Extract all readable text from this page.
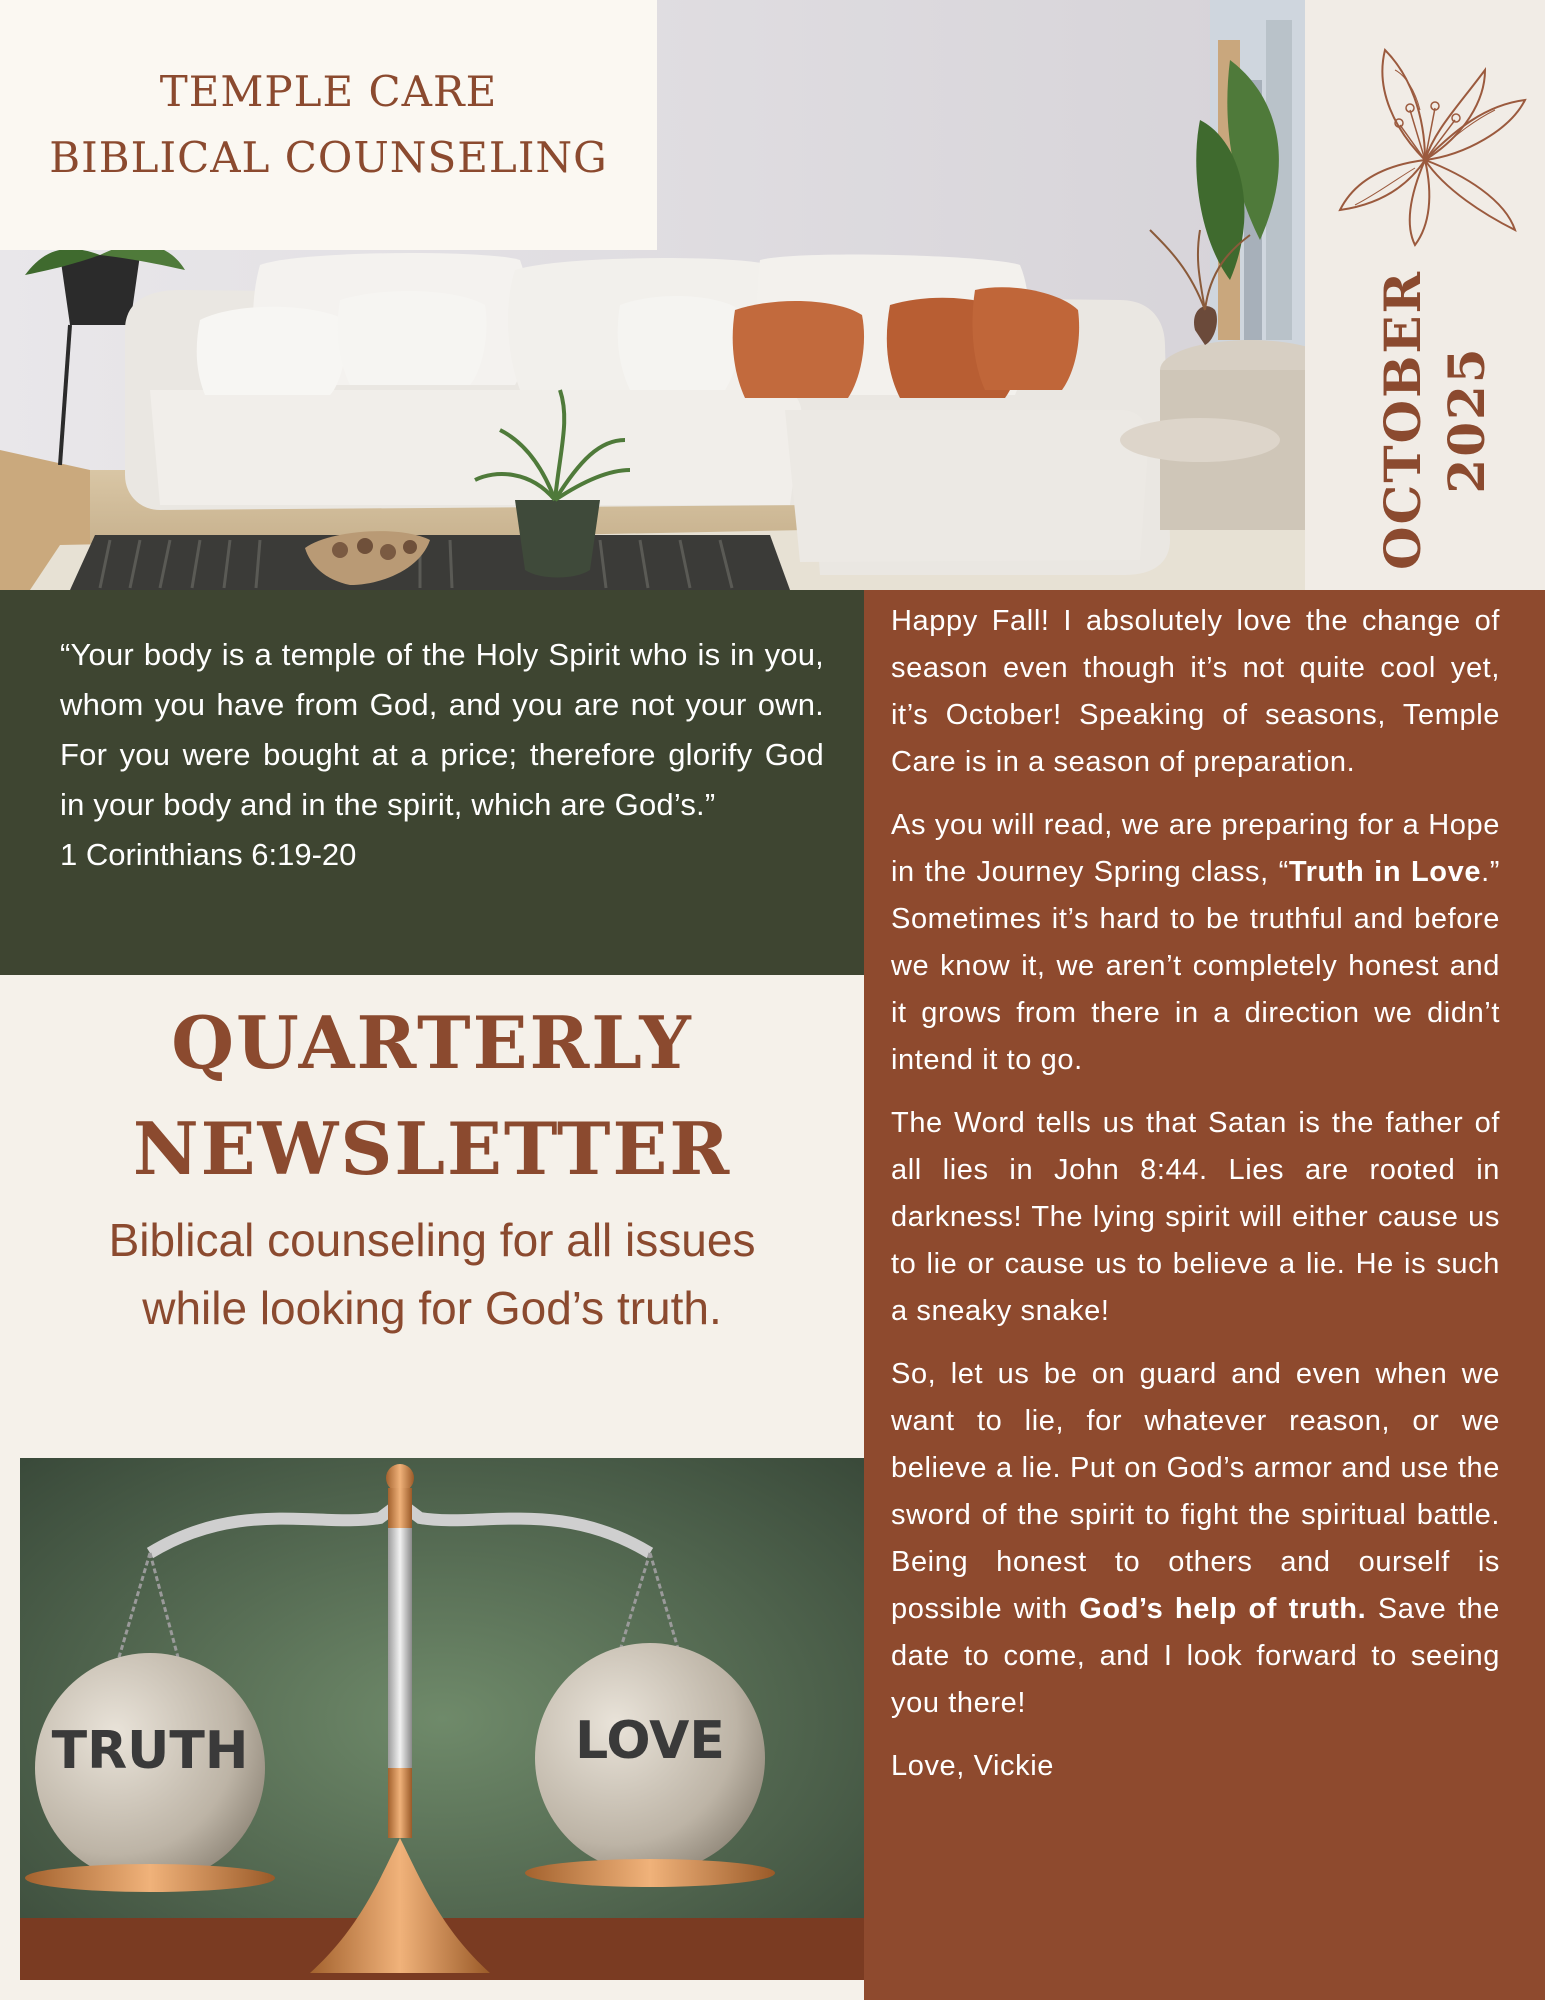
TEMPLE CARE
BIBLICAL COUNSELING
OCTOBER 2025

“Your body is a temple of the Holy Spirit who is in you, whom you have from God, and you are not your own. For you were bought at a price; therefore glorify God in your body and in the spirit, which are God’s.”

1 Corinthians 6:19-20

QUARTERLY
NEWSLETTER
Biblical counseling for all issues while looking for God’s truth.
TRUTH	LOVE

Happy Fall! I absolutely love the change of season even though it’s not quite cool yet, it’s October! Speaking of seasons, Temple Care is in a season of preparation.

As you will read, we are preparing for a Hope in the Journey Spring class, “Truth in Love.” Sometimes it’s hard to be truthful and before we know it, we aren’t completely honest and it grows from there in a direction we didn’t intend it to go.

The Word tells us that Satan is the father of all lies in John 8:44. Lies are rooted in darkness! The lying spirit will either cause us to lie or cause us to believe a lie. He is such a sneaky snake!

So, let us be on guard and even when we want to lie, for whatever reason, or we believe a lie. Put on God’s armor and use the sword of the spirit to fight the spiritual battle. Being honest to others and ourself is possible with God’s help of truth. Save the date to come, and I look forward to seeing you there!

Love, Vickie
